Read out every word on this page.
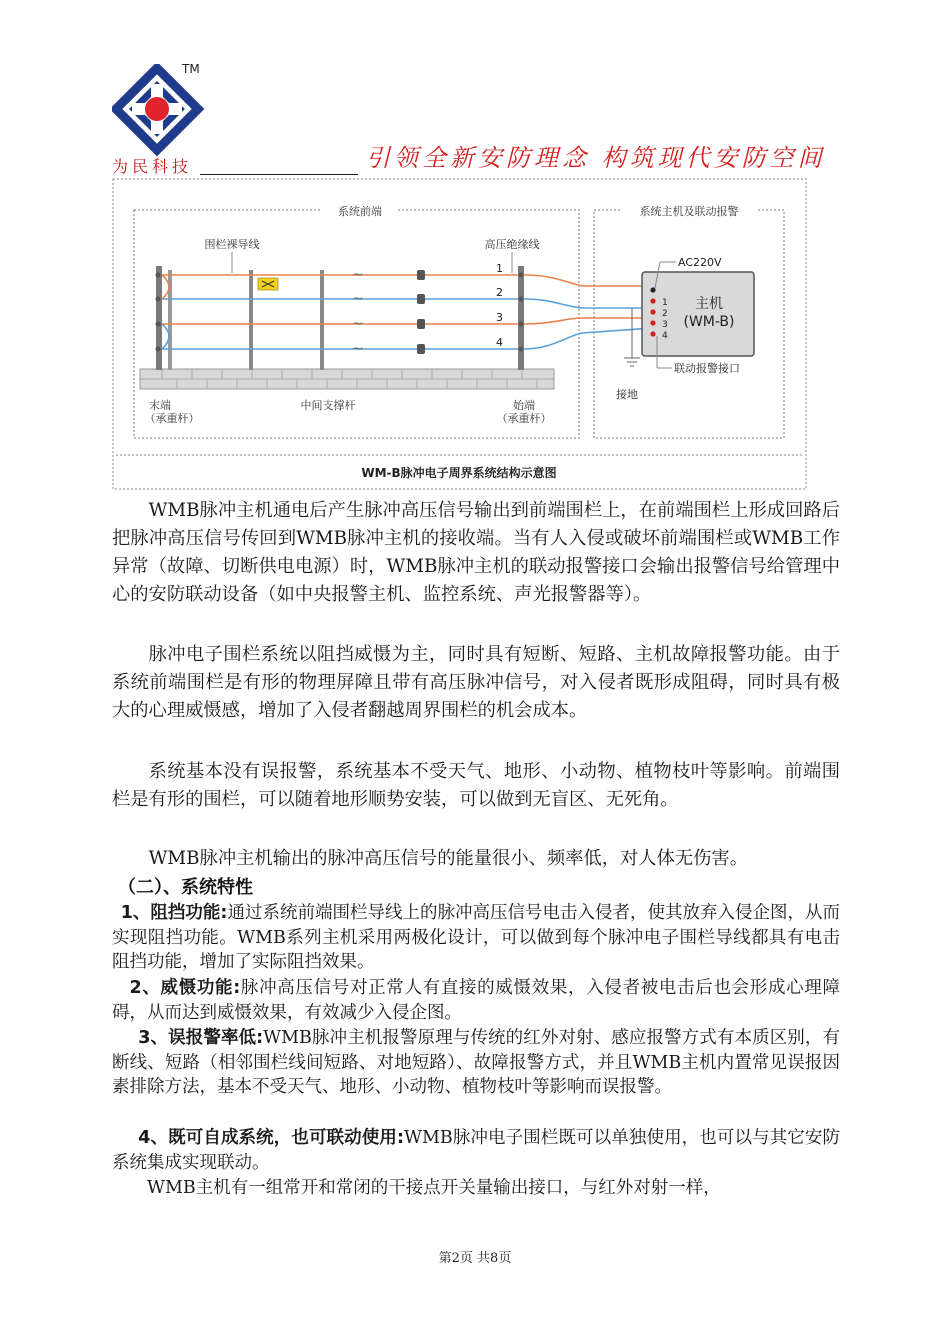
TM
为民科技	引领全新安防理念 构筑现代安防空间
系统前端	系统主机及联动报警
~
~
~
~
围栏裸导线	高压绝缘线
1
2
3
4
末端
（承重杆）
中间支撑杆	始端
（承重杆）
1
2
3
4
主机
(WM-B)
AC220V
联动报警接口
接地
WM-B脉冲电子周界系统结构示意图

WMB脉冲主机通电后产生脉冲高压信号输出到前端围栏上，在前端围栏上形成回路后把脉冲高压信号传回到WMB脉冲主机的接收端。当有人入侵或破坏前端围栏或WMB工作异常（故障、切断供电电源）时，WMB脉冲主机的联动报警接口会输出报警信号给管理中心的安防联动设备（如中央报警主机、监控系统、声光报警器等）。

脉冲电子围栏系统以阻挡威慑为主，同时具有短断、短路、主机故障报警功能。由于系统前端围栏是有形的物理屏障且带有高压脉冲信号，对入侵者既形成阻碍，同时具有极大的心理威慑感，增加了入侵者翻越周界围栏的机会成本。

系统基本没有误报警，系统基本不受天气、地形、小动物、植物枝叶等影响。前端围栏是有形的围栏，可以随着地形顺势安装，可以做到无盲区、无死角。

WMB脉冲主机输出的脉冲高压信号的能量很小、频率低，对人体无伤害。

（二）、系统特性
1、阻挡功能:通过系统前端围栏导线上的脉冲高压信号电击入侵者，使其放弃入侵企图，从而实现阻挡功能。WMB系列主机采用两极化设计，可以做到每个脉冲电子围栏导线都具有电击阻挡功能，增加了实际阻挡效果。
2、威慑功能:脉冲高压信号对正常人有直接的威慑效果，入侵者被电击后也会形成心理障碍，从而达到威慑效果，有效减少入侵企图。
3、误报警率低:WMB脉冲主机报警原理与传统的红外对射、感应报警方式有本质区别，有断线、短路（相邻围栏线间短路、对地短路）、故障报警方式，并且WMB主机内置常见误报因素排除方法，基本不受天气、地形、小动物、植物枝叶等影响而误报警。
4、既可自成系统，也可联动使用:WMB脉冲电子围栏既可以单独使用，也可以与其它安防系统集成实现联动。
WMB主机有一组常开和常闭的干接点开关量输出接口，与红外对射一样，
第2页 共8页
